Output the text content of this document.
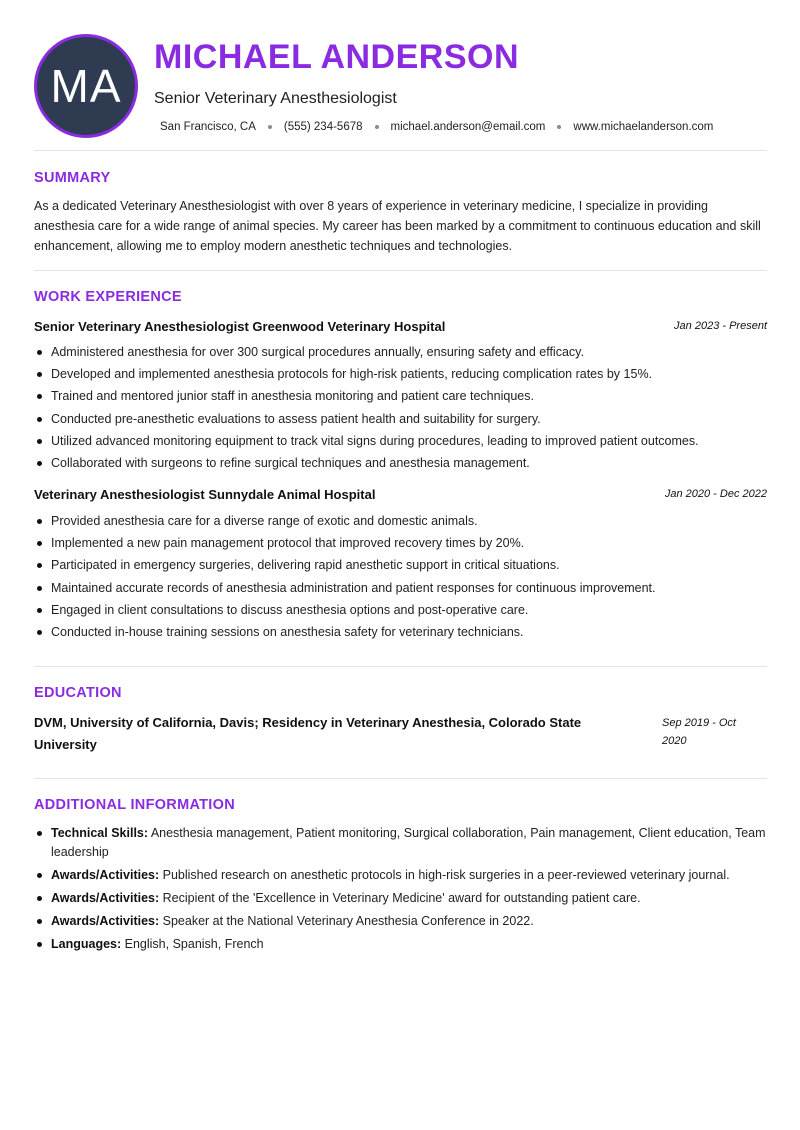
MA
MICHAEL ANDERSON
Senior Veterinary Anesthesiologist
San Francisco, CA (555) 234-5678 michael.anderson@email.com www.michaelanderson.com
SUMMARY

As a dedicated Veterinary Anesthesiologist with over 8 years of experience in veterinary medicine, I specialize in providing anesthesia care for a wide range of animal species. My career has been marked by a commitment to continuous education and skill enhancement, allowing me to employ modern anesthetic techniques and technologies.

WORK EXPERIENCE
Senior Veterinary Anesthesiologist Greenwood Veterinary Hospital	Jan 2023 - Present
Administered anesthesia for over 300 surgical procedures annually, ensuring safety and efficacy.
Developed and implemented anesthesia protocols for high-risk patients, reducing complication rates by 15%.
Trained and mentored junior staff in anesthesia monitoring and patient care techniques.
Conducted pre-anesthetic evaluations to assess patient health and suitability for surgery.
Utilized advanced monitoring equipment to track vital signs during procedures, leading to improved patient outcomes.
Collaborated with surgeons to refine surgical techniques and anesthesia management.
Veterinary Anesthesiologist Sunnydale Animal Hospital	Jan 2020 - Dec 2022
Provided anesthesia care for a diverse range of exotic and domestic animals.
Implemented a new pain management protocol that improved recovery times by 20%.
Participated in emergency surgeries, delivering rapid anesthetic support in critical situations.
Maintained accurate records of anesthesia administration and patient responses for continuous improvement.
Engaged in client consultations to discuss anesthesia options and post-operative care.
Conducted in-house training sessions on anesthesia safety for veterinary technicians.
EDUCATION
DVM, University of California, Davis; Residency in Veterinary Anesthesia, Colorado State University
Sep 2019 - Oct 2020
ADDITIONAL INFORMATION
Technical Skills: Anesthesia management, Patient monitoring, Surgical collaboration, Pain management, Client education, Team leadership
Awards/Activities: Published research on anesthetic protocols in high-risk surgeries in a peer-reviewed veterinary journal.
Awards/Activities: Recipient of the 'Excellence in Veterinary Medicine' award for outstanding patient care.
Awards/Activities: Speaker at the National Veterinary Anesthesia Conference in 2022.
Languages: English, Spanish, French
